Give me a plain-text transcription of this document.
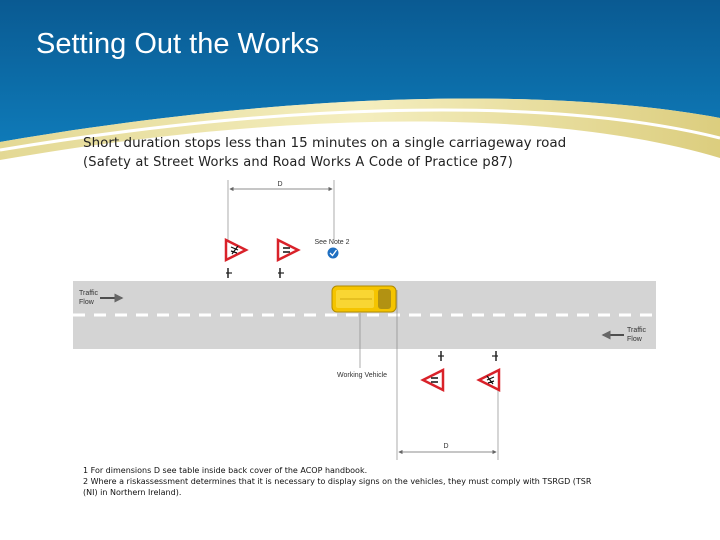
Setting Out the Works
Short duration stops less than 15 minutes on a single carriageway road
(Safety at Street Works and Road Works A Code of Practice p87)
D
See Note 2
Traffic
Flow
Traffic
Flow
Working Vehicle
D
1 For dimensions D see table inside back cover of the ACOP handbook.
2 Where a riskassessment determines that it is necessary to display signs on the vehicles, they must comply with TSRGD (TSR (NI) in Northern Ireland).
